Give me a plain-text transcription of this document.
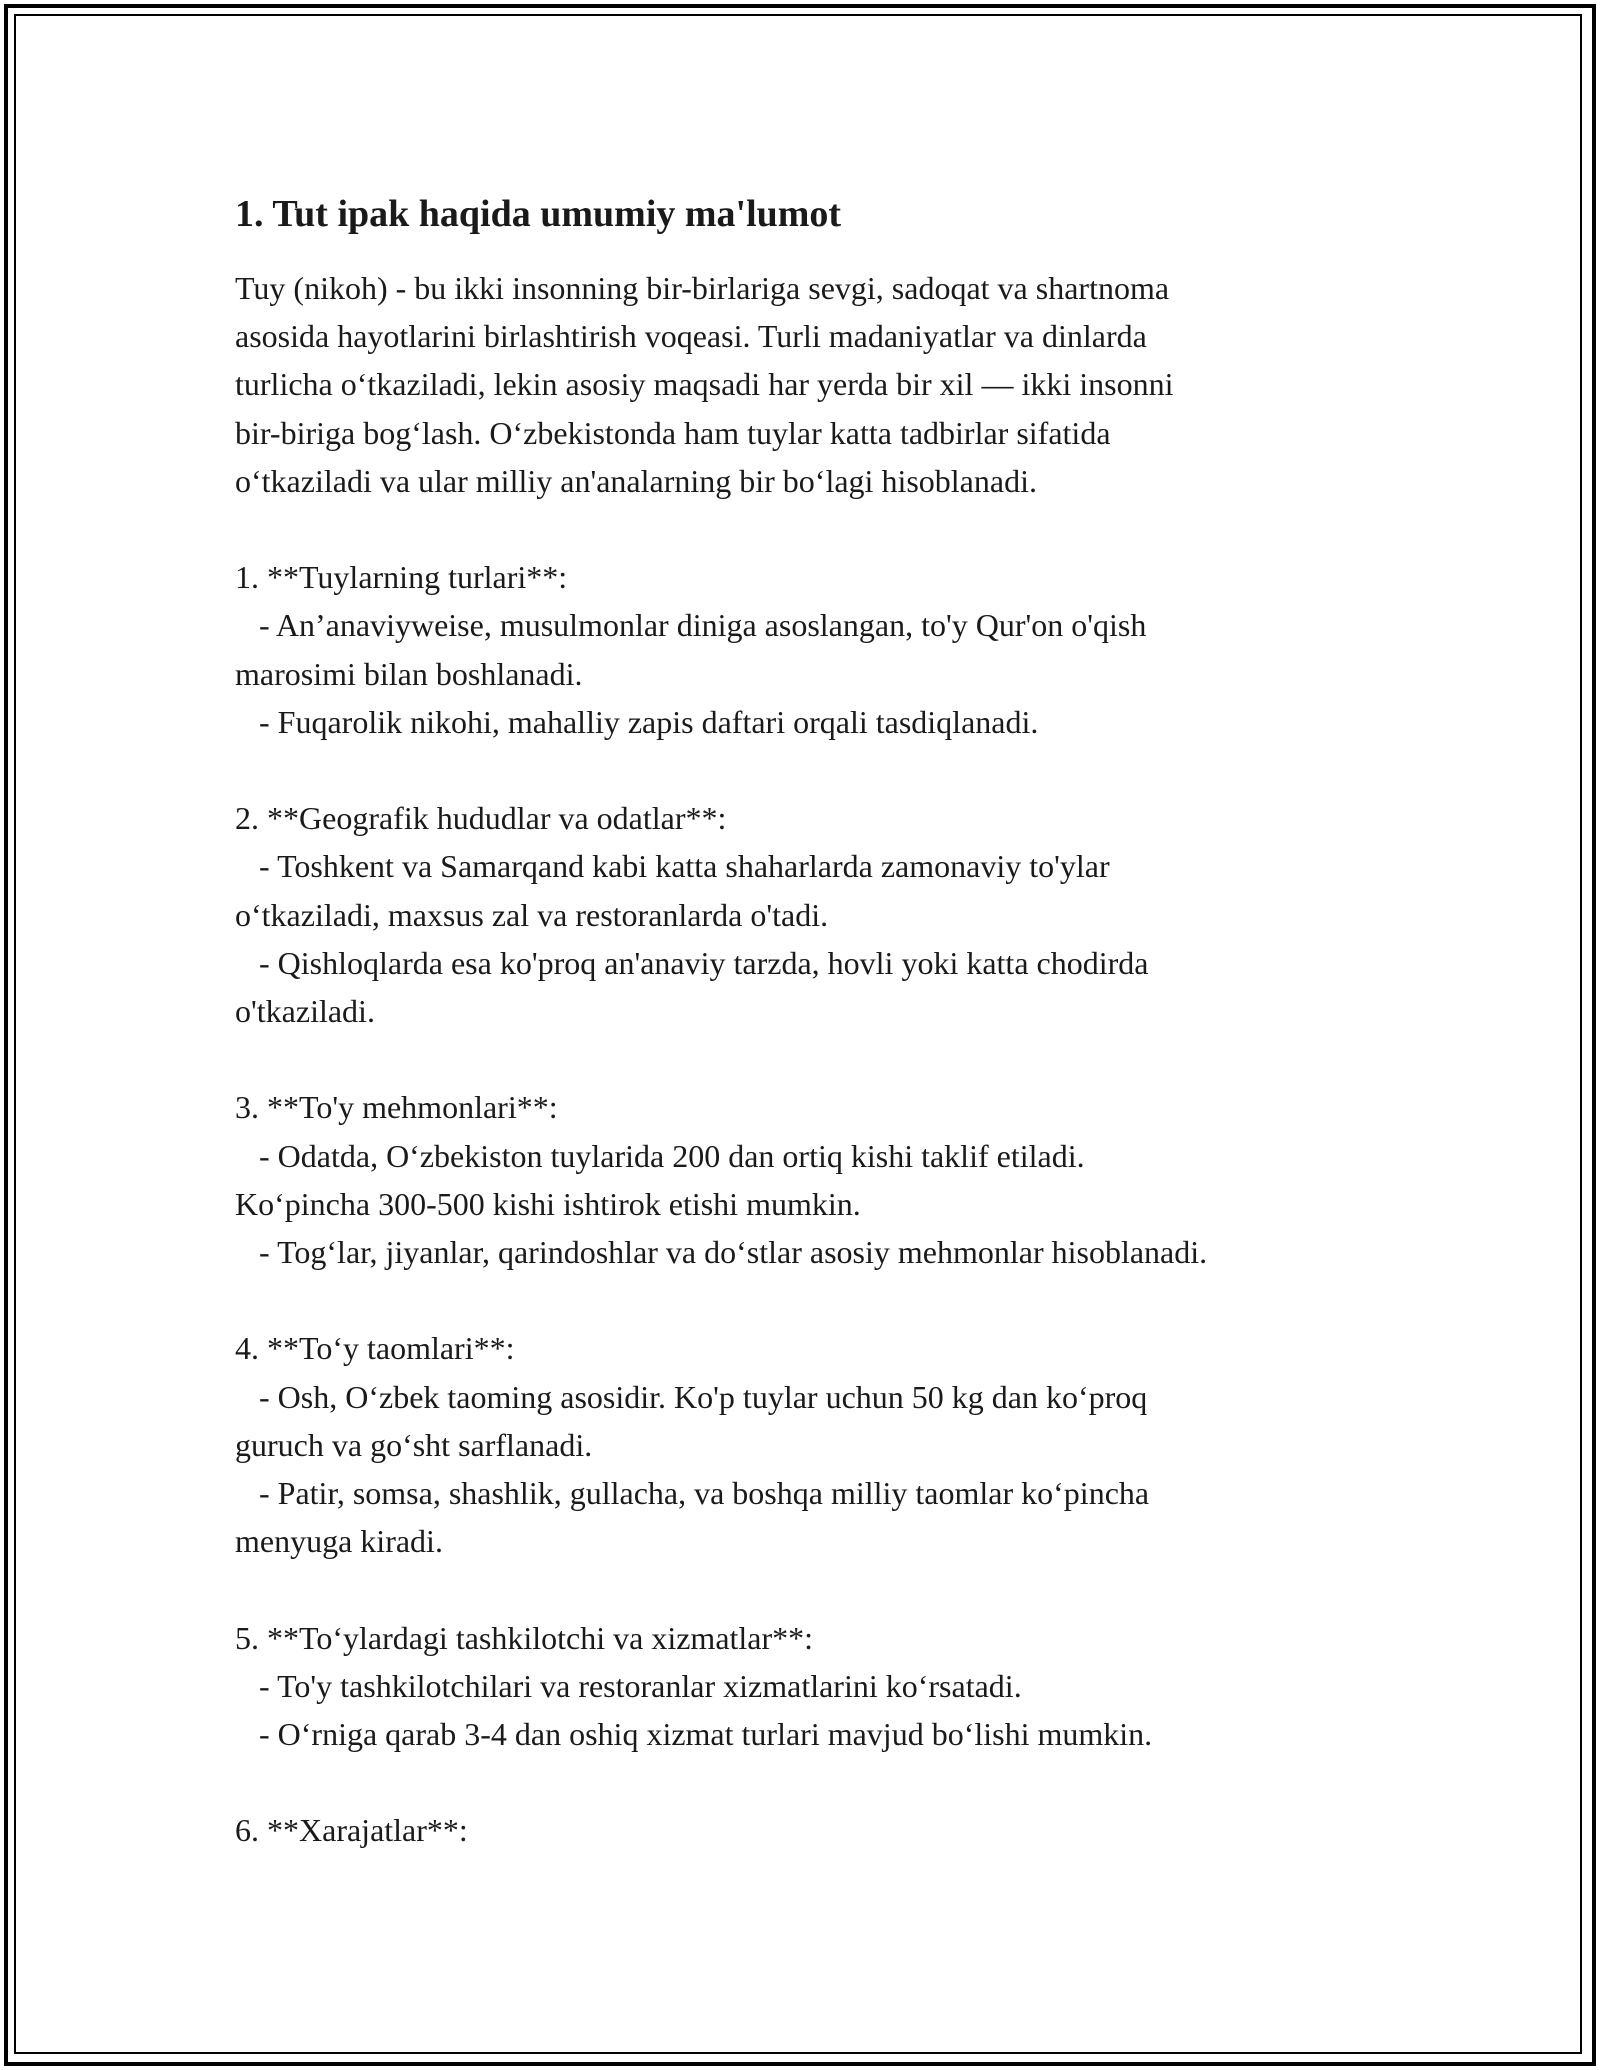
1. Tut ipak haqida umumiy ma'lumot
Tuy (nikoh) - bu ikki insonning bir-birlariga sevgi, sadoqat va shartnoma
asosida hayotlarini birlashtirish voqeasi. Turli madaniyatlar va dinlarda
turlicha oʻtkaziladi, lekin asosiy maqsadi har yerda bir xil — ikki insonni
bir-biriga bogʻlash. Oʻzbekistonda ham tuylar katta tadbirlar sifatida
oʻtkaziladi va ular milliy an'analarning bir boʻlagi hisoblanadi.
1. **Tuylarning turlari**:
- An’anaviyweise, musulmonlar diniga asoslangan, to'y Qur'on o'qish
marosimi bilan boshlanadi.
- Fuqarolik nikohi, mahalliy zapis daftari orqali tasdiqlanadi.
2. **Geografik hududlar va odatlar**:
- Toshkent va Samarqand kabi katta shaharlarda zamonaviy to'ylar
oʻtkaziladi, maxsus zal va restoranlarda o'tadi.
- Qishloqlarda esa ko'proq an'anaviy tarzda, hovli yoki katta chodirda
o'tkaziladi.
3. **To'y mehmonlari**:
- Odatda, Oʻzbekiston tuylarida 200 dan ortiq kishi taklif etiladi.
Koʻpincha 300-500 kishi ishtirok etishi mumkin.
- Togʻlar, jiyanlar, qarindoshlar va doʻstlar asosiy mehmonlar hisoblanadi.
4. **Toʻy taomlari**:
- Osh, Oʻzbek taoming asosidir. Ko'p tuylar uchun 50 kg dan koʻproq
guruch va goʻsht sarflanadi.
- Patir, somsa, shashlik, gullacha, va boshqa milliy taomlar koʻpincha
menyuga kiradi.
5. **Toʻylardagi tashkilotchi va xizmatlar**:
- To'y tashkilotchilari va restoranlar xizmatlarini koʻrsatadi.
- Oʻrniga qarab 3-4 dan oshiq xizmat turlari mavjud boʻlishi mumkin.
6. **Xarajatlar**:
